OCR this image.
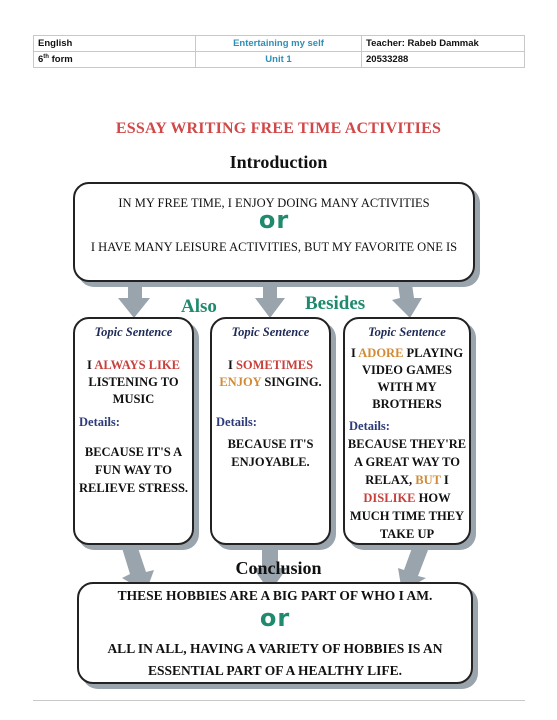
English	Entertaining my self	Teacher: Rabeb Dammak
6th form	Unit 1	20533288
ESSAY WRITING FREE TIME ACTIVITIES
Introduction
IN MY FREE TIME, I ENJOY DOING MANY ACTIVITIES
or
I HAVE MANY LEISURE ACTIVITIES, BUT MY FAVORITE ONE IS
Also	Besides
Topic Sentence
I ALWAYS LIKE LISTENING TO MUSIC
Details:
BECAUSE IT'S A FUN WAY TO RELIEVE STRESS.
Topic Sentence
I SOMETIMES ENJOY SINGING.
Details:
BECAUSE IT'S ENJOYABLE.
Topic Sentence
I ADORE PLAYING VIDEO GAMES WITH MY BROTHERS
Details:
BECAUSE THEY'RE A GREAT WAY TO RELAX, BUT I DISLIKE HOW MUCH TIME THEY TAKE UP
Conclusion
THESE HOBBIES ARE A BIG PART OF WHO I AM.
or
ALL IN ALL, HAVING A VARIETY OF HOBBIES IS AN ESSENTIAL PART OF A HEALTHY LIFE.
